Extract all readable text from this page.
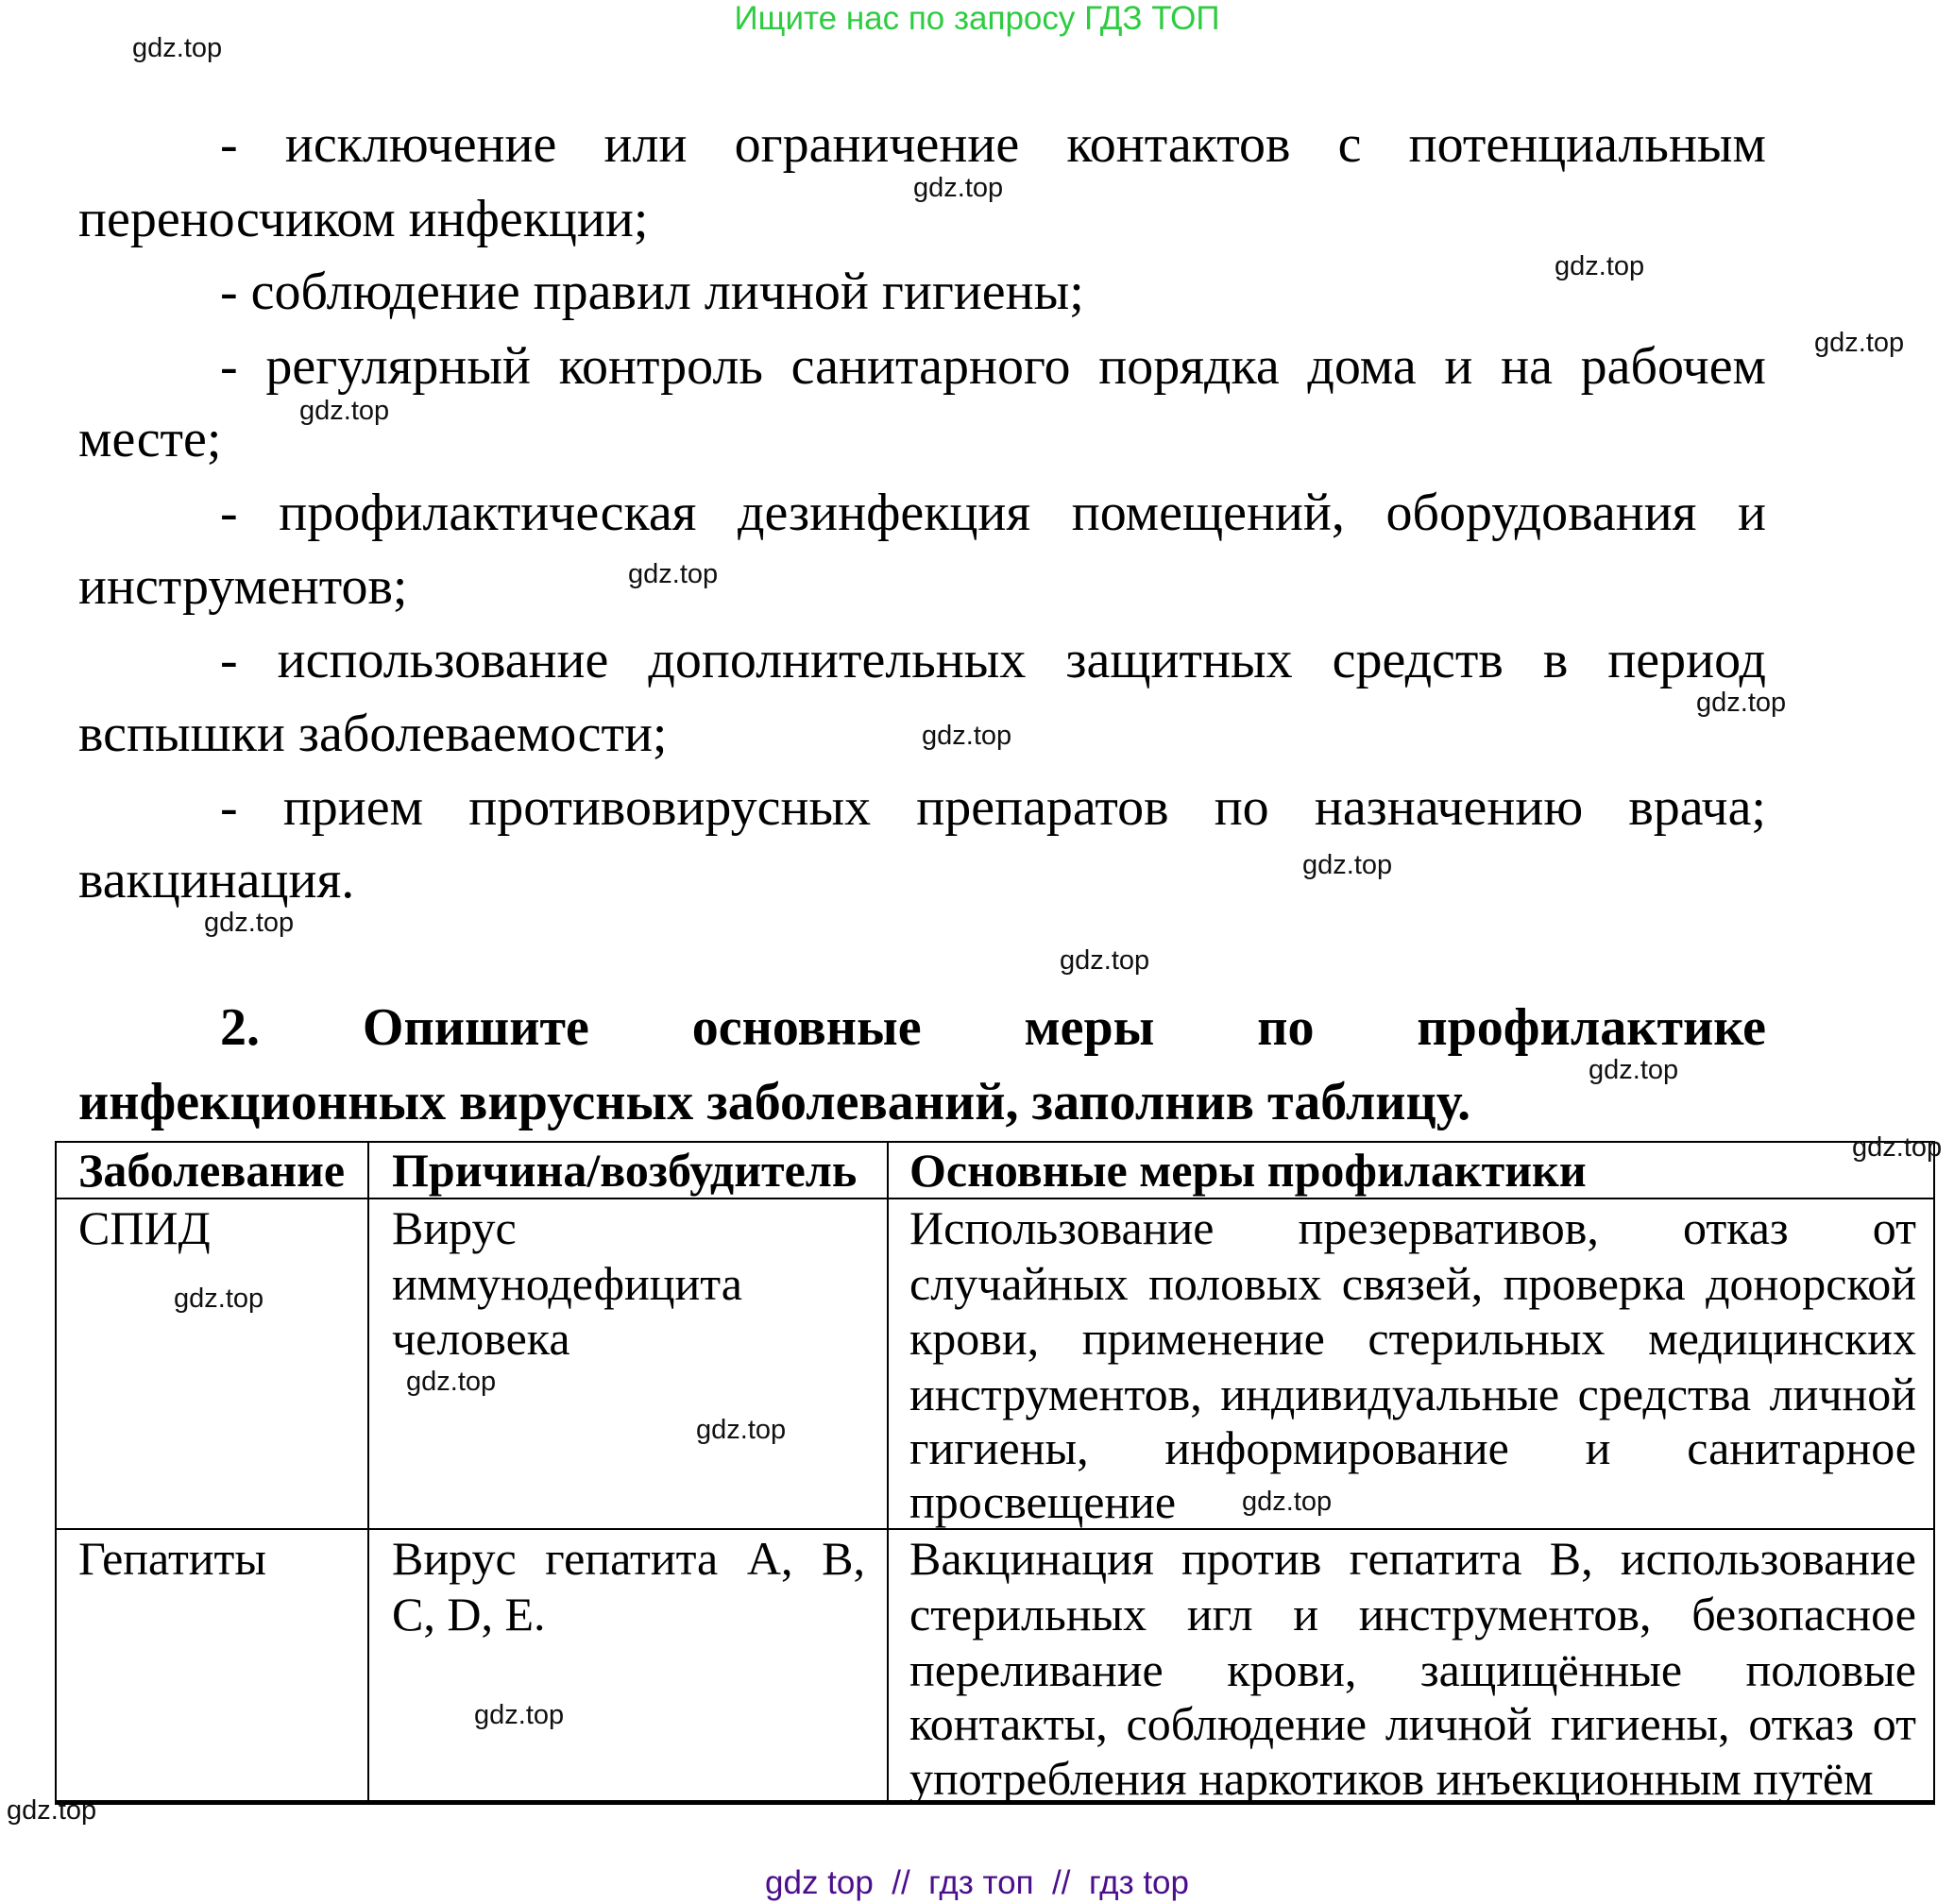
Ищите нас по запросу ГДЗ ТОП
- исключение или ограничение контактов с потенциальным
переносчиком инфекции;
- соблюдение правил личной гигиены;
- регулярный контроль санитарного порядка дома и на рабочем
месте;
- профилактическая дезинфекция помещений, оборудования и
инструментов;
- использование дополнительных защитных средств в период
вспышки заболеваемости;
- прием противовирусных препаратов по назначению врача;
вакцинация.
2. Опишите основные меры по профилактике
инфекционных вирусных заболеваний, заполнив таблицу.
Заболевание Причина/возбудитель Основные меры профилактики
СПИД	Вирус
иммунодефицита
человека
Использование презервативов, отказ от
случайных половых связей, проверка донорской
крови, применение стерильных медицинских
инструментов, индивидуальные средства личной
гигиены, информирование и санитарное
просвещение
Гепатиты	Вирус гепатита А, В,
С, D, Е.
Вакцинация против гепатита В, использование
стерильных игл и инструментов, безопасное
переливание крови, защищённые половые
контакты, соблюдение личной гигиены, отказ от
употребления наркотиков инъекционным путём
gdz.top
gdz.top
gdz.top
gdz.top
gdz.top
gdz.top
gdz.top
gdz.top
gdz.top
gdz.top
gdz.top
gdz.top
gdz.top
gdz.top
gdz.top
gdz.top
gdz.top
gdz.top
gdz.top
gdz top  //  гдз топ  //  гдз top
